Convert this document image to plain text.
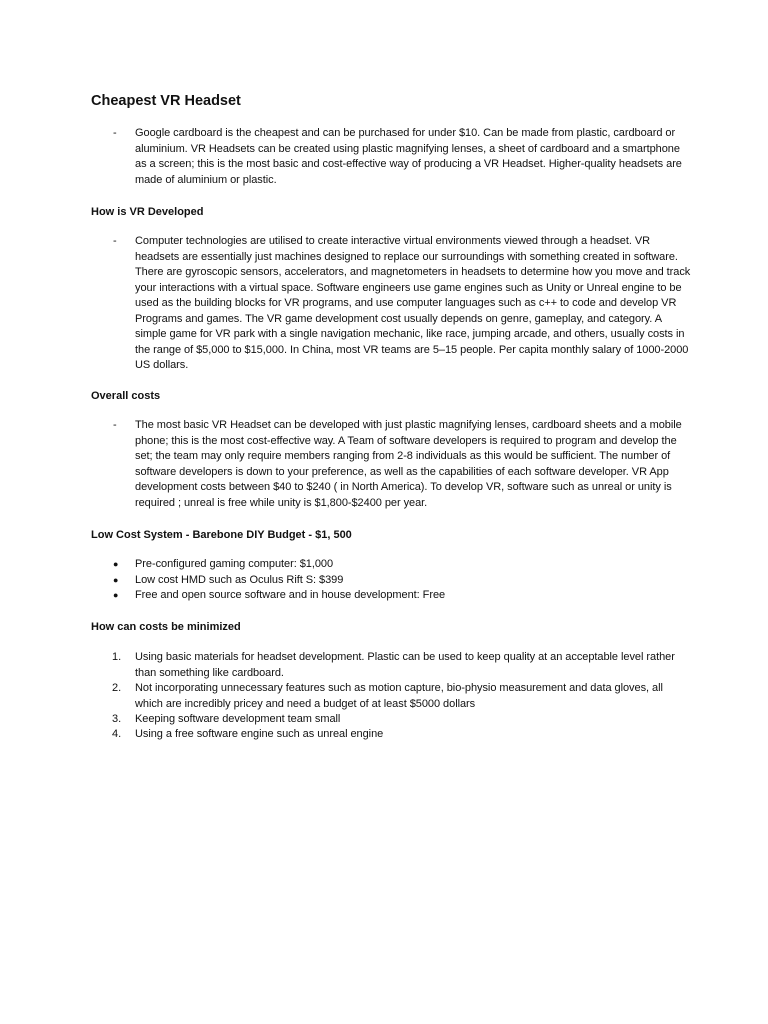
Cheapest VR Headset
-	Google cardboard is the cheapest and can be purchased for under $10. Can be made from plastic, cardboard or aluminium. VR Headsets can be created using plastic magnifying lenses, a sheet of cardboard and a smartphone as a screen; this is the most basic and cost-effective way of producing a VR Headset. Higher-quality headsets are made of aluminium or plastic.
How is VR Developed
-	Computer technologies are utilised to create interactive virtual environments viewed through a headset. VR headsets are essentially just machines designed to replace our surroundings with something created in software. There are gyroscopic sensors, accelerators, and magnetometers in headsets to determine how you move and track your interactions with a virtual space. Software engineers use game engines such as Unity or Unreal engine to be used as the building blocks for VR programs, and use computer languages such as c++ to code and develop VR Programs and games. The VR game development cost usually depends on genre, gameplay, and category. A simple game for VR park with a single navigation mechanic, like race, jumping arcade, and others, usually costs in the range of $5,000 to $15,000. In China, most VR teams are 5–15 people. Per capita monthly salary of 1000-2000 US dollars.
Overall costs
-	The most basic VR Headset can be developed with just plastic magnifying lenses, cardboard sheets and a mobile phone; this is the most cost-effective way. A Team of software developers is required to program and develop the set; the team may only require members ranging from 2-8 individuals as this would be sufficient. The number of software developers is down to your preference, as well as the capabilities of each software developer. VR App development costs between $40 to $240 ( in North America). To develop VR, software such as unreal or unity is required ; unreal is free while unity is $1,800-$2400 per year.
Low Cost System - Barebone DIY Budget - $1, 500
●	Pre-configured gaming computer: $1,000
●	Low cost HMD such as Oculus Rift S: $399
●	Free and open source software and in house development: Free
How can costs be minimized
1.	Using basic materials for headset development. Plastic can be used to keep quality at an acceptable level rather than something like cardboard.
2.	Not incorporating unnecessary features such as motion capture, bio-physio measurement and data gloves, all which are incredibly pricey and need a budget of at least $5000 dollars
3.	Keeping software development team small
4.	Using a free software engine such as unreal engine
